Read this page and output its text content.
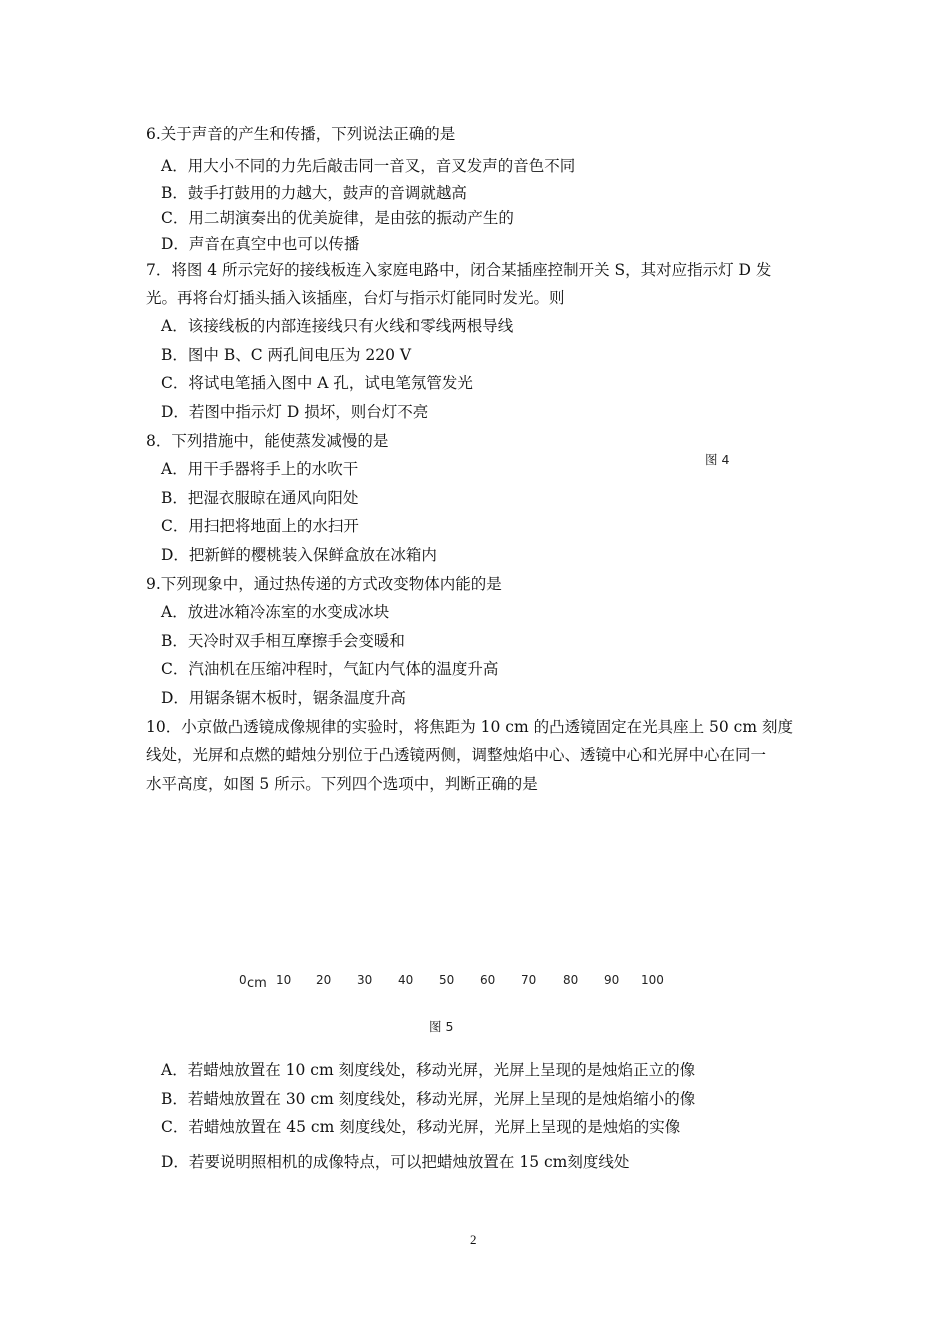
6.关于声音的产生和传播，下列说法正确的是
A．用大小不同的力先后敲击同一音叉，音叉发声的音色不同
B．鼓手打鼓用的力越大，鼓声的音调就越高
C．用二胡演奏出的优美旋律，是由弦的振动产生的
D．声音在真空中也可以传播
7．将图 4 所示完好的接线板连入家庭电路中，闭合某插座控制开关 S，其对应指示灯 D 发
光。再将台灯插头插入该插座，台灯与指示灯能同时发光。则
A．该接线板的内部连接线只有火线和零线两根导线
B．图中 B、C 两孔间电压为 220 V
C．将试电笔插入图中 A 孔，试电笔氖管发光
D．若图中指示灯 D 损坏，则台灯不亮
图 4
8．下列措施中，能使蒸发减慢的是
A．用干手器将手上的水吹干
B．把湿衣服晾在通风向阳处
C．用扫把将地面上的水扫开
D．把新鲜的樱桃装入保鲜盒放在冰箱内
9.下列现象中，通过热传递的方式改变物体内能的是
A．放进冰箱冷冻室的水变成冰块
B．天冷时双手相互摩擦手会变暖和
C．汽油机在压缩冲程时，气缸内气体的温度升高
D．用锯条锯木板时，锯条温度升高
10．小京做凸透镜成像规律的实验时，将焦距为 10 cm 的凸透镜固定在光具座上 50 cm 刻度
线处，光屏和点燃的蜡烛分别位于凸透镜两侧，调整烛焰中心、透镜中心和光屏中心在同一
水平高度，如图 5 所示。下列四个选项中，判断正确的是
0 cm 10 20 30 40 50 60 70 80 90 100
图 5
A．若蜡烛放置在 10 cm 刻度线处，移动光屏，光屏上呈现的是烛焰正立的像
B．若蜡烛放置在 30 cm 刻度线处，移动光屏，光屏上呈现的是烛焰缩小的像
C．若蜡烛放置在 45 cm 刻度线处，移动光屏，光屏上呈现的是烛焰的实像
D．若要说明照相机的成像特点，可以把蜡烛放置在 15 cm刻度线处
2
